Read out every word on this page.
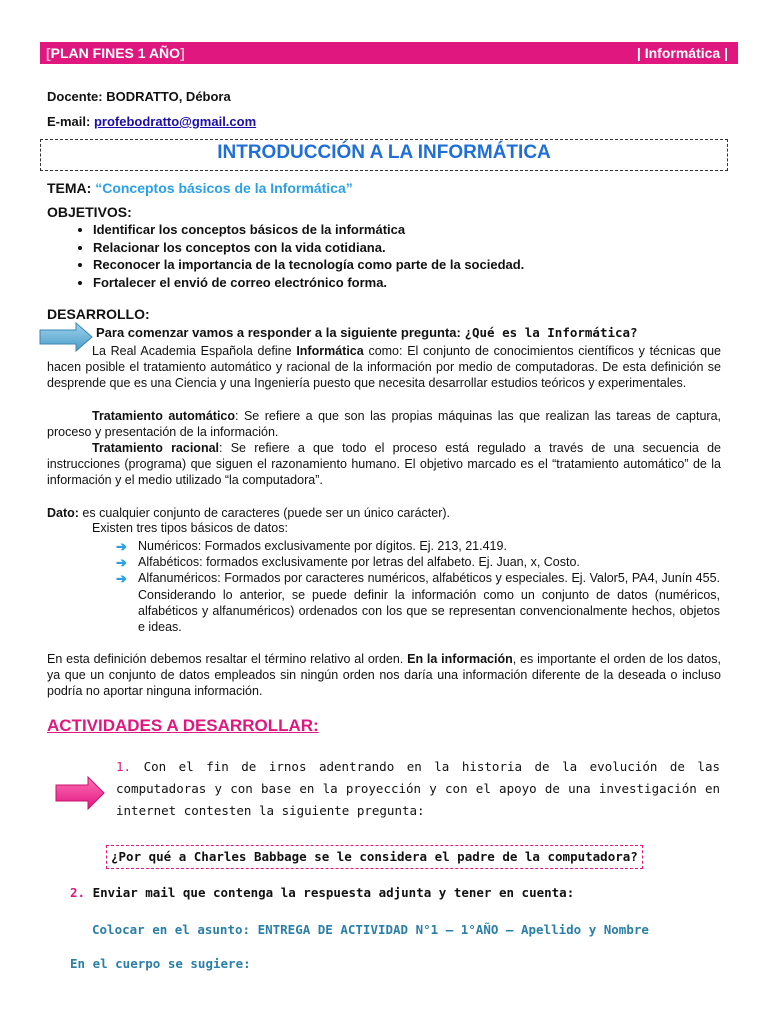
[PLAN FINES 1 AÑO]	| Informática |
Docente: BODRATTO, Débora
E-mail: profebodratto@gmail.com
INTRODUCCIÓN A LA INFORMÁTICA
TEMA: “Conceptos básicos de la Informática”
OBJETIVOS:
• Identificar los conceptos básicos de la informática
• Relacionar los conceptos con la vida cotidiana.
• Reconocer la importancia de la tecnología como parte de la sociedad.
• Fortalecer el envió de correo electrónico forma.
DESARROLLO:
Para comenzar vamos a responder a la siguiente pregunta: ¿Qué es la Informática?

La Real Academia Española define Informática como: El conjunto de conocimientos científicos y técnicas que hacen posible el tratamiento automático y racional de la información por medio de computadoras. De esta definición se desprende que es una Ciencia y una Ingeniería puesto que necesita desarrollar estudios teóricos y experimentales.

Tratamiento automático: Se refiere a que son las propias máquinas las que realizan las tareas de captura, proceso y presentación de la información.

Tratamiento racional: Se refiere a que todo el proceso está regulado a través de una secuencia de instrucciones (programa) que siguen el razonamiento humano. El objetivo marcado es el “tratamiento automático” de la información y el medio utilizado “la computadora”.

Dato: es cualquier conjunto de caracteres (puede ser un único carácter).

Existen tres tipos básicos de datos:
➔ Numéricos: Formados exclusivamente por dígitos. Ej. 213, 21.419.
➔ Alfabéticos: formados exclusivamente por letras del alfabeto. Ej. Juan, x, Costo.
➔ Alfanuméricos: Formados por caracteres numéricos, alfabéticos y especiales. Ej. Valor5, PA4, Junín 455. Considerando lo anterior, se puede definir la información como un conjunto de datos (numéricos, alfabéticos y alfanuméricos) ordenados con los que se representan convencionalmente hechos, objetos e ideas.

En esta definición debemos resaltar el término relativo al orden. En la información, es importante el orden de los datos, ya que un conjunto de datos empleados sin ningún orden nos daría una información diferente de la deseada o incluso podría no aportar ninguna información.

ACTIVIDADES A DESARROLLAR:

1. Con el fin de irnos adentrando en la historia de la evolución de las computadoras y con base en la proyección y con el apoyo de una investigación en internet contesten la siguiente pregunta:

¿Por qué a Charles Babbage se le considera el padre de la computadora?
2. Enviar mail que contenga la respuesta adjunta y tener en cuenta:
Colocar en el asunto: ENTREGA DE ACTIVIDAD N°1 – 1°AÑO – Apellido y Nombre
En el cuerpo se sugiere:
